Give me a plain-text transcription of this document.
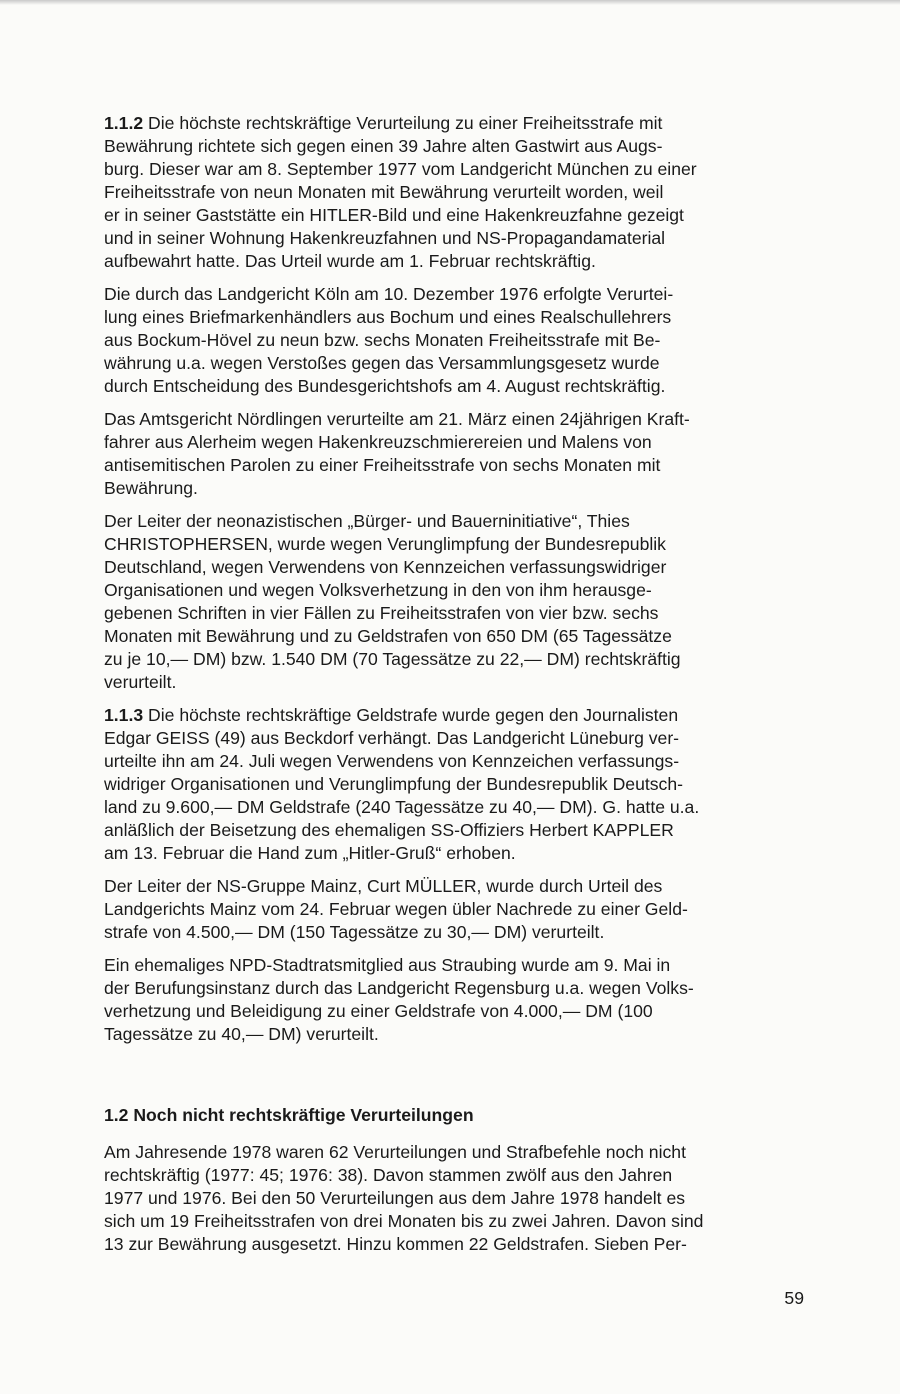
1.1.2 Die höchste rechtskräftige Verurteilung zu einer Freiheitsstrafe mit
Bewährung richtete sich gegen einen 39 Jahre alten Gastwirt aus Augs-
burg. Dieser war am 8. September 1977 vom Landgericht München zu einer
Freiheitsstrafe von neun Monaten mit Bewährung verurteilt worden, weil
er in seiner Gaststätte ein HITLER-Bild und eine Hakenkreuzfahne gezeigt
und in seiner Wohnung Hakenkreuzfahnen und NS-Propagandamaterial
aufbewahrt hatte. Das Urteil wurde am 1. Februar rechtskräftig.

Die durch das Landgericht Köln am 10. Dezember 1976 erfolgte Verurtei-
lung eines Briefmarkenhändlers aus Bochum und eines Realschullehrers
aus Bockum-Hövel zu neun bzw. sechs Monaten Freiheitsstrafe mit Be-
währung u.a. wegen Verstoßes gegen das Versammlungsgesetz wurde
durch Entscheidung des Bundesgerichtshofs am 4. August rechtskräftig.

Das Amtsgericht Nördlingen verurteilte am 21. März einen 24jährigen Kraft-
fahrer aus Alerheim wegen Hakenkreuzschmierereien und Malens von
antisemitischen Parolen zu einer Freiheitsstrafe von sechs Monaten mit
Bewährung.

Der Leiter der neonazistischen „Bürger- und Bauerninitiative“, Thies
CHRISTOPHERSEN, wurde wegen Verunglimpfung der Bundesrepublik
Deutschland, wegen Verwendens von Kennzeichen verfassungswidriger
Organisationen und wegen Volksverhetzung in den von ihm herausge-
gebenen Schriften in vier Fällen zu Freiheitsstrafen von vier bzw. sechs
Monaten mit Bewährung und zu Geldstrafen von 650 DM (65 Tagessätze
zu je 10,— DM) bzw. 1.540 DM (70 Tagessätze zu 22,— DM) rechtskräftig
verurteilt.

1.1.3 Die höchste rechtskräftige Geldstrafe wurde gegen den Journalisten
Edgar GEISS (49) aus Beckdorf verhängt. Das Landgericht Lüneburg ver-
urteilte ihn am 24. Juli wegen Verwendens von Kennzeichen verfassungs-
widriger Organisationen und Verunglimpfung der Bundesrepublik Deutsch-
land zu 9.600,— DM Geldstrafe (240 Tagessätze zu 40,— DM). G. hatte u.a.
anläßlich der Beisetzung des ehemaligen SS-Offiziers Herbert KAPPLER
am 13. Februar die Hand zum „Hitler-Gruß“ erhoben.

Der Leiter der NS-Gruppe Mainz, Curt MÜLLER, wurde durch Urteil des
Landgerichts Mainz vom 24. Februar wegen übler Nachrede zu einer Geld-
strafe von 4.500,— DM (150 Tagessätze zu 30,— DM) verurteilt.

Ein ehemaliges NPD-Stadtratsmitglied aus Straubing wurde am 9. Mai in
der Berufungsinstanz durch das Landgericht Regensburg u.a. wegen Volks-
verhetzung und Beleidigung zu einer Geldstrafe von 4.000,— DM (100
Tagessätze zu 40,— DM) verurteilt.

1.2 Noch nicht rechtskräftige Verurteilungen

Am Jahresende 1978 waren 62 Verurteilungen und Strafbefehle noch nicht
rechtskräftig (1977: 45; 1976: 38). Davon stammen zwölf aus den Jahren
1977 und 1976. Bei den 50 Verurteilungen aus dem Jahre 1978 handelt es
sich um 19 Freiheitsstrafen von drei Monaten bis zu zwei Jahren. Davon sind
13 zur Bewährung ausgesetzt. Hinzu kommen 22 Geldstrafen. Sieben Per-

59
